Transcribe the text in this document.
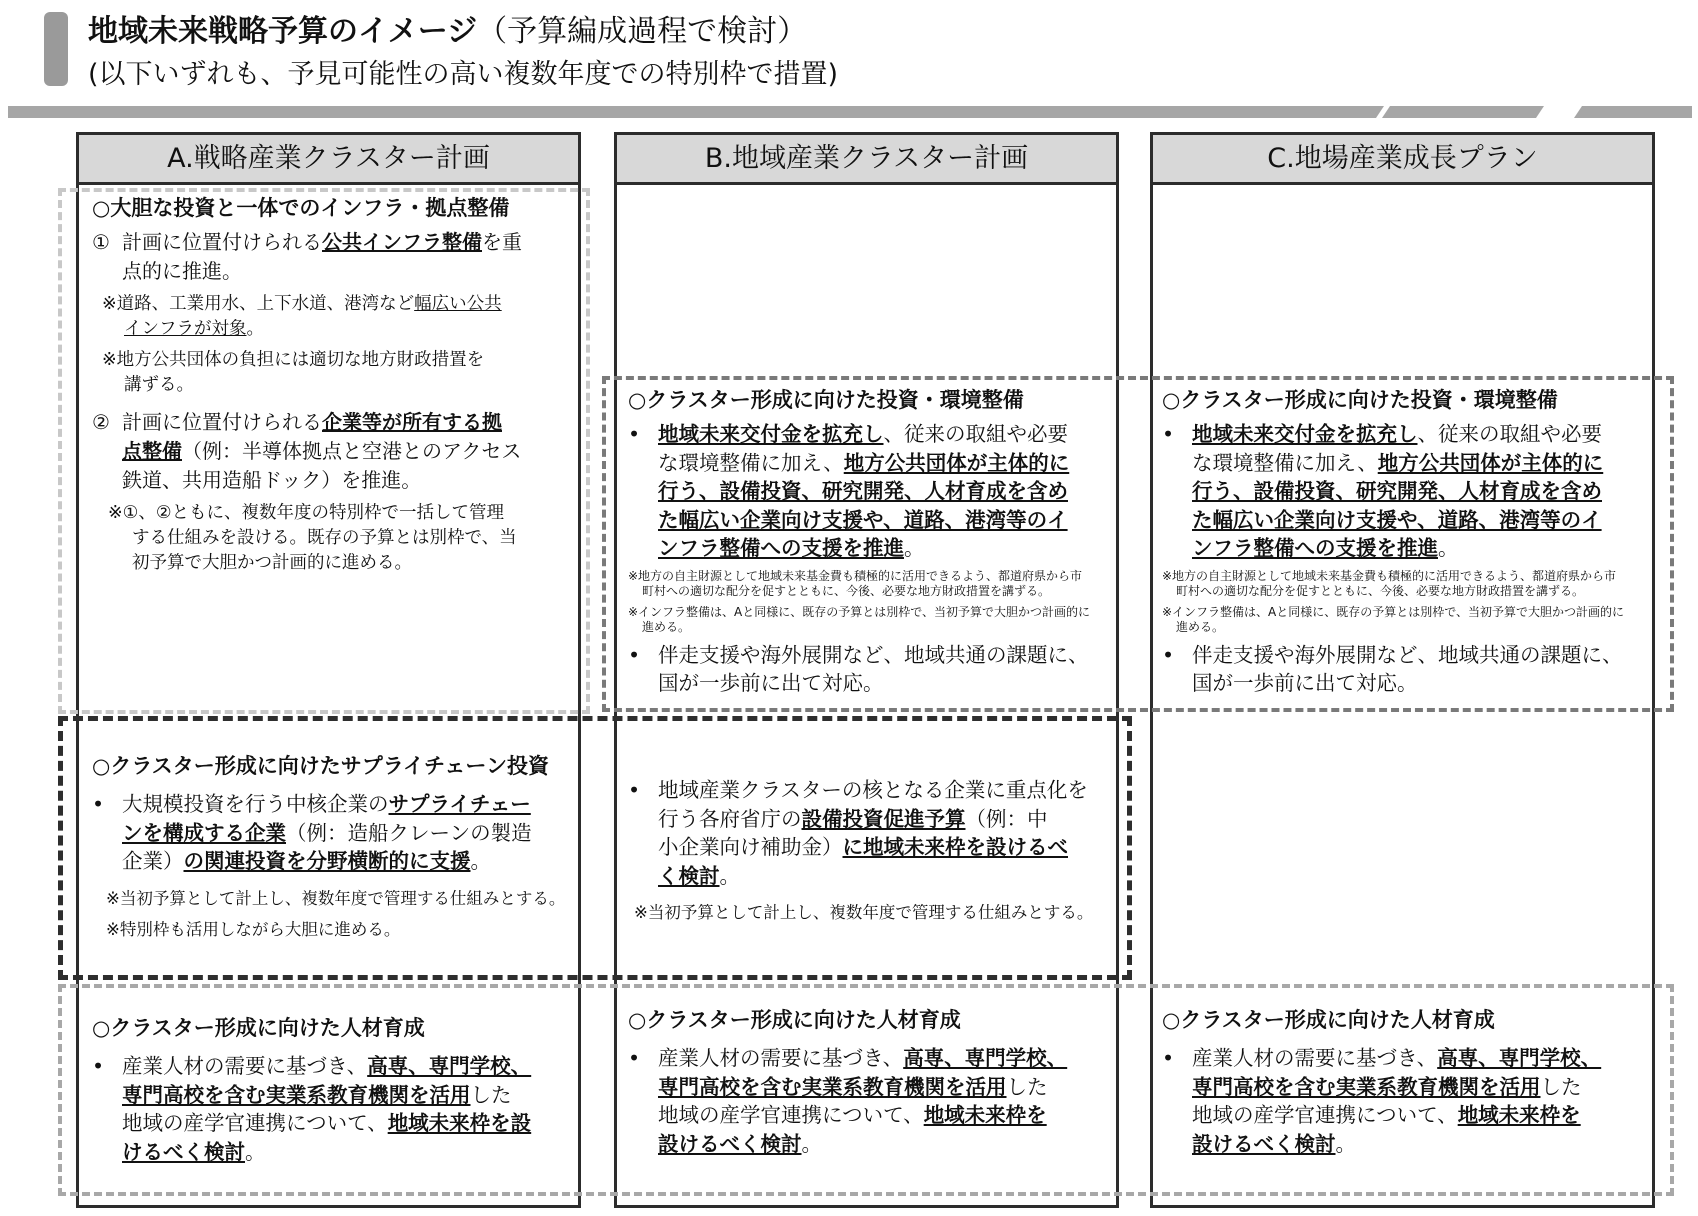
地域未来戦略予算のイメージ（予算編成過程で検討）
(以下いずれも、予見可能性の高い複数年度での特別枠で措置)
A.戦略産業クラスター計画	B.地域産業クラスター計画	C.地場産業成長プラン
○大胆な投資と一体でのインフラ・拠点整備
① 計画に位置付けられる公共インフラ整備を重
点的に推進。
※道路、工業用水、上下水道、港湾など幅広い公共
インフラが対象。
※地方公共団体の負担には適切な地方財政措置を
講ずる。
② 計画に位置付けられる企業等が所有する拠
点整備（例：半導体拠点と空港とのアクセス
鉄道、共用造船ドック）を推進。
※①、②ともに、複数年度の特別枠で一括して管理
する仕組みを設ける。既存の予算とは別枠で、当
初予算で大胆かつ計画的に進める。
○クラスター形成に向けた投資・環境整備
• 地域未来交付金を拡充し、従来の取組や必要
な環境整備に加え、地方公共団体が主体的に
行う、設備投資、研究開発、人材育成を含め
た幅広い企業向け支援や、道路、港湾等のイ
ンフラ整備への支援を推進。
※地方の自主財源として地域未来基金費も積極的に活用できるよう、都道府県から市
町村への適切な配分を促すとともに、今後、必要な地方財政措置を講ずる。
※インフラ整備は、Aと同様に、既存の予算とは別枠で、当初予算で大胆かつ計画的に
進める。
• 伴走支援や海外展開など、地域共通の課題に、
国が一歩前に出て対応。
○クラスター形成に向けた投資・環境整備
• 地域未来交付金を拡充し、従来の取組や必要
な環境整備に加え、地方公共団体が主体的に
行う、設備投資、研究開発、人材育成を含め
た幅広い企業向け支援や、道路、港湾等のイ
ンフラ整備への支援を推進。
※地方の自主財源として地域未来基金費も積極的に活用できるよう、都道府県から市
町村への適切な配分を促すとともに、今後、必要な地方財政措置を講ずる。
※インフラ整備は、Aと同様に、既存の予算とは別枠で、当初予算で大胆かつ計画的に
進める。
• 伴走支援や海外展開など、地域共通の課題に、
国が一歩前に出て対応。
○クラスター形成に向けたサプライチェーン投資
• 大規模投資を行う中核企業のサプライチェー
ンを構成する企業（例：造船クレーンの製造
企業）の関連投資を分野横断的に支援。
※当初予算として計上し、複数年度で管理する仕組みとする。
※特別枠も活用しながら大胆に進める。
• 地域産業クラスターの核となる企業に重点化を
行う各府省庁の設備投資促進予算（例：中
小企業向け補助金）に地域未来枠を設けるべ
く検討。
※当初予算として計上し、複数年度で管理する仕組みとする。
○クラスター形成に向けた人材育成
• 産業人材の需要に基づき、高専、専門学校、
専門高校を含む実業系教育機関を活用した
地域の産学官連携について、地域未来枠を設
けるべく検討。
○クラスター形成に向けた人材育成
• 産業人材の需要に基づき、高専、専門学校、
専門高校を含む実業系教育機関を活用した
地域の産学官連携について、地域未来枠を
設けるべく検討。
○クラスター形成に向けた人材育成
• 産業人材の需要に基づき、高専、専門学校、
専門高校を含む実業系教育機関を活用した
地域の産学官連携について、地域未来枠を
設けるべく検討。
